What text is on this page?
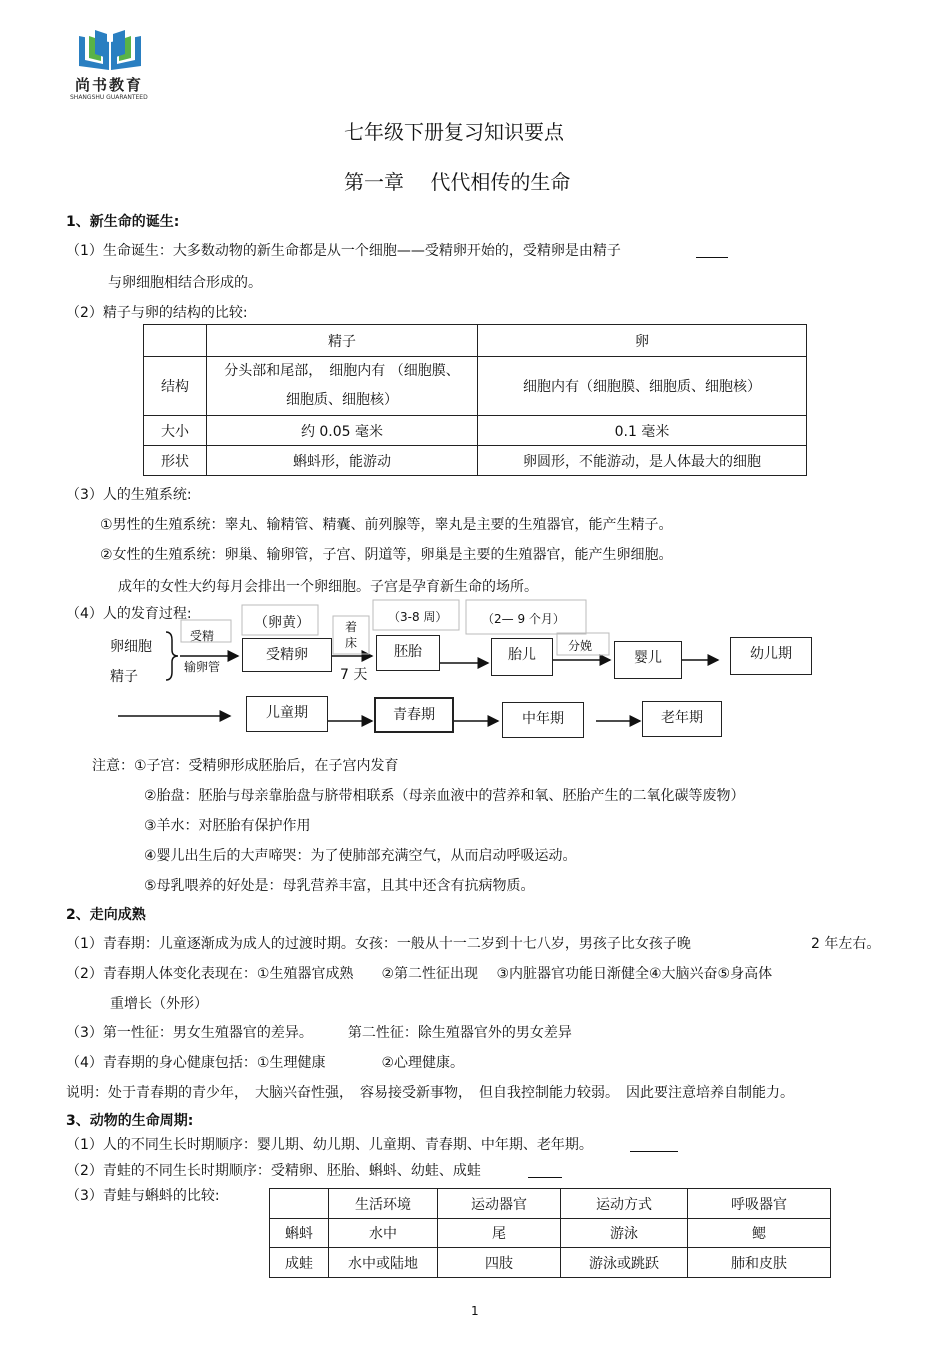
尚书教育
SHANGSHU GUARANTEED
七年级下册复习知识要点
第一章　 代代相传的生命
1、新生命的诞生:
（1）生命诞生：大多数动物的新生命都是从一个细胞——受精卵开始的，受精卵是由精子
与卵细胞相结合形成的。
（2）精子与卵的结构的比较:
	精子	卵
结构	分头部和尾部，　细胞内有 （细胞膜、
细胞质、细胞核）	细胞内有（细胞膜、细胞质、细胞核）
大小	约 0.05 毫米	0.1 毫米
形状	蝌蚪形，能游动	卵圆形，不能游动，是人体最大的细胞
（3）人的生殖系统:
①男性的生殖系统：睾丸、输精管、精囊、前列腺等，睾丸是主要的生殖器官，能产生精子。
②女性的生殖系统：卵巢、输卵管，子宫、阴道等，卵巢是主要的生殖器官，能产生卵细胞。
成年的女性大约每月会排出一个卵细胞。子宫是孕育新生命的场所。
（4）人的发育过程:
卵细胞
精子
受精
输卵管
（卵黄）	着
床
7 天
（3-8 周）	（2— 9 个月）
分娩
受精卵	胚胎	胎儿	婴儿	幼儿期
儿童期	青春期	中年期	老年期
注意：①子宫：受精卵形成胚胎后，在子宫内发育
②胎盘：胚胎与母亲靠胎盘与脐带相联系（母亲血液中的营养和氧、胚胎产生的二氧化碳等废物）
③羊水：对胚胎有保护作用
④婴儿出生后的大声啼哭：为了使肺部充满空气，从而启动呼吸运动。
⑤母乳喂养的好处是：母乳营养丰富，且其中还含有抗病物质。
2、走向成熟
（1）青春期：儿童逐渐成为成人的过渡时期。女孩：一般从十一二岁到十七八岁，男孩子比女孩子晚	2 年左右。
（2）青春期人体变化表现在：①生殖器官成熟　　②第二性征出现　 ③内脏器官功能日渐健全④大脑兴奋⑤身高体
重增长（外形）
（3）第一性征：男女生殖器官的差异。　　　第二性征：除生殖器官外的男女差异
（4）青春期的身心健康包括：①生理健康　　　　②心理健康。
说明：处于青春期的青少年，　大脑兴奋性强，　容易接受新事物，　但自我控制能力较弱。　因此要注意培养自制能力。
3、动物的生命周期:
（1）人的不同生长时期顺序：婴儿期、幼儿期、儿童期、青春期、中年期、老年期。
（2）青蛙的不同生长时期顺序：受精卵、胚胎、蝌蚪、幼蛙、成蛙
（3）青蛙与蝌蚪的比较:
	生活环境	运动器官	运动方式	呼吸器官
蝌蚪	水中	尾	游泳	鳃
成蛙	水中或陆地	四肢	游泳或跳跃	肺和皮肤
1
